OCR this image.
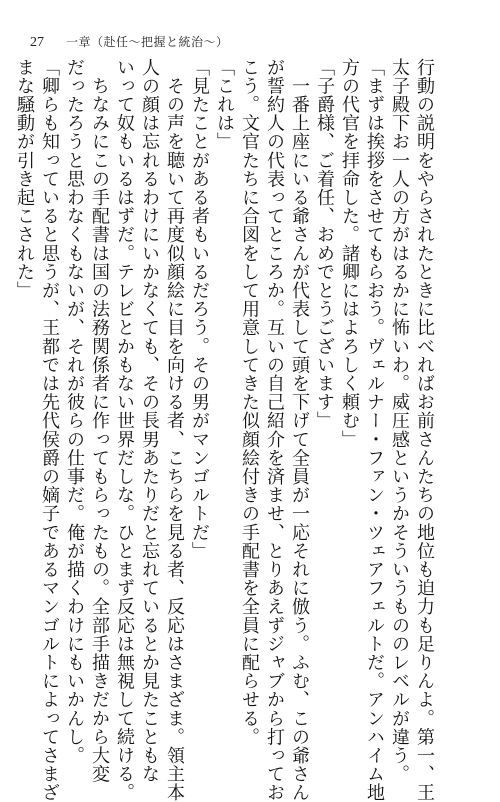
27 一章（赴任～把握と統治～）
行動の説明をやらされたときに比べればお前さんたちの地位も迫力も足りんよ。第一、王
太子殿下お一人の方がはるかに怖いわ。威圧感というかそういうもののレベルが違う。
「まずは挨拶をさせてもらおう。ヴェルナー・ファン・ツェアフェルトだ。アンハイム地
方の代官を拝命した。諸卿にはよろしく頼む」
「子爵様、ご着任、おめでとうございます」
　一番上座にいる爺さんが代表して頭を下げて全員が一応それに倣う。ふむ、この爺さん
が誓約人の代表ってところか。互いの自己紹介を済ませ、とりあえずジャブから打ってお
こう。文官たちに合図をして用意してきた似顔絵付きの手配書を全員に配らせる。
「これは」
「見たことがある者もいるだろう。その男がマンゴルトだ」
　その声を聴いて再度似顔絵に目を向ける者、こちらを見る者、反応はさまざま。領主本
人の顔は忘れるわけにいかなくても、その長男あたりだと忘れているとか見たこともな
いって奴もいるはずだ。テレビとかもない世界だしな。ひとまず反応は無視して続ける。
　ちなみにこの手配書は国の法務関係者に作ってもらったもの。全部手描きだから大変
だったろうと思わなくもないが、それが彼らの仕事だ。俺が描くわけにもいかんし。
「卿らも知っていると思うが、王都では先代侯爵の嫡子であるマンゴルトによってさまざ
まな騒動が引き起こされた」
